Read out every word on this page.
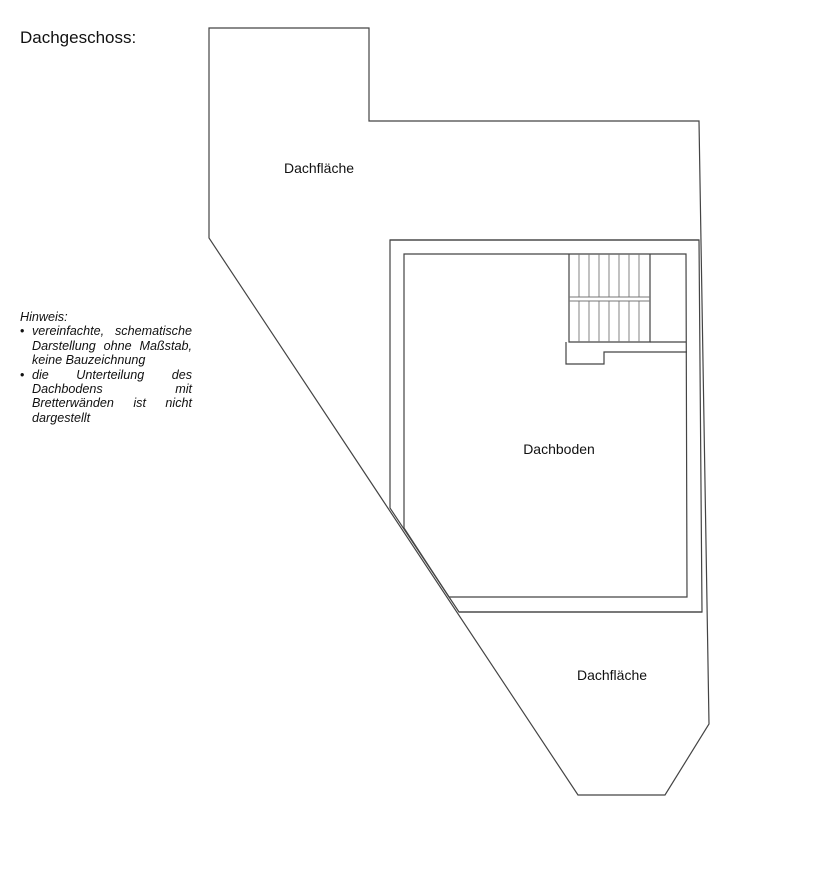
Dachgeschoss:
Hinweis:
• vereinfachte, schematische Darstellung ohne Maßstab, keine Bauzeichnung
• die Unterteilung des Dachbodens mit Bretterwänden ist nicht dargestellt
Dachfläche
Dachboden
Dachfläche
